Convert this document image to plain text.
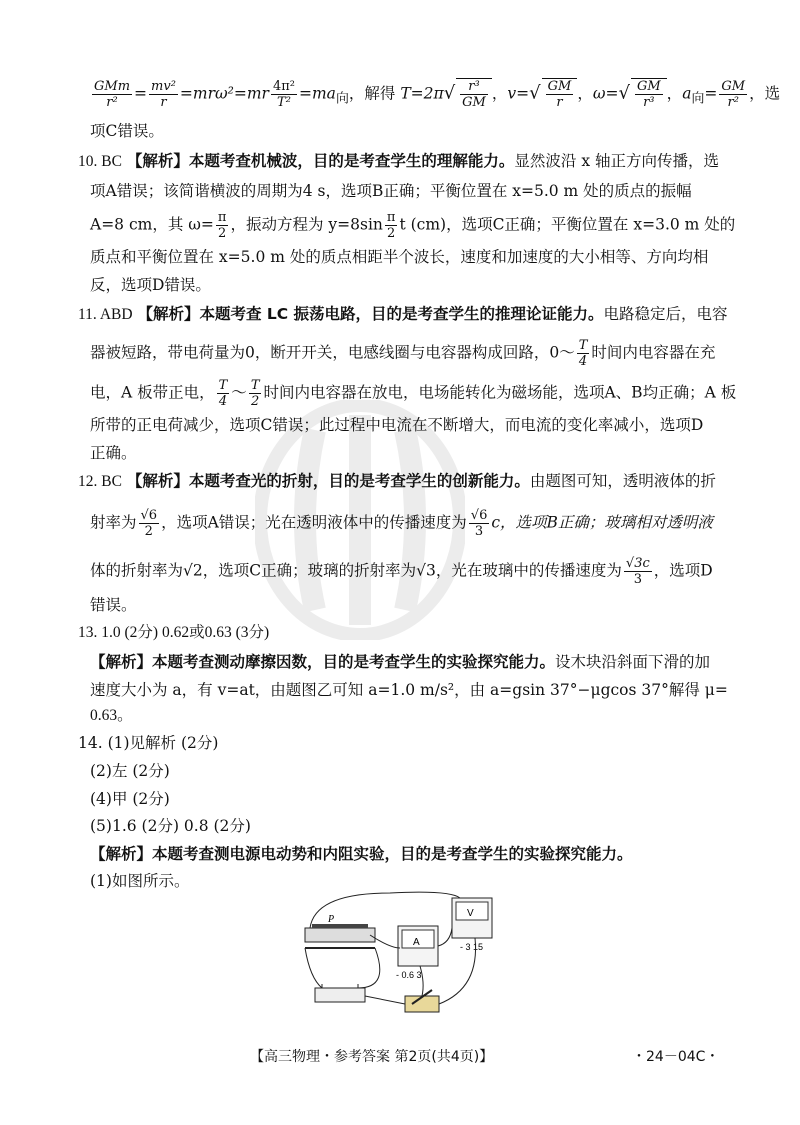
$\frac{\text{GMm}}{\text{r²}} = \frac{\text{mv²}}{r} =mr\omega^2=mr \frac{\text{4π²}}{\text{T²}} =ma_向$，解得 $T=2\pi√ \frac{\text{r³}}{GM}$ ，$v=√ \frac{GM}{r}$ ，$\omega=√ \frac{GM}{\text{r³}}$ ，$a_向= \frac{GM}{\text{r²}}$ ，选
项C错误。
10. BC 【解析】本题考查机械波，目的是考查学生的理解能力。显然波沿 x 轴正方向传播，选
项A错误；该简谐横波的周期为4 s，选项B正确；平衡位置在 x=5.0 m 处的质点的振幅
A=8 cm，其 $\omega= \frac{\pi}{2}$ ，振动方程为 $y=8\sin \frac{\pi}{2}$ t (cm)，选项C正确；平衡位置在 x=3.0 m 处的
质点和平衡位置在 x=5.0 m 处的质点相距半个波长，速度和加速度的大小相等、方向均相
反，选项D错误。
11. ABD 【解析】本题考查 LC 振荡电路，目的是考查学生的推理论证能力。电路稳定后，电容
器被短路，带电荷量为0，断开开关，电感线圈与电容器构成回路，0～ $\frac{T}{4}$ 时间内电容器在充
电，A 板带正电， $\frac{T}{4}$ ～ $\frac{T}{2}$ 时间内电容器在放电，电场能转化为磁场能，选项A、B均正确；A 板
所带的正电荷减少，选项C错误；此过程中电流在不断增大，而电流的变化率减小，选项D
正确。
12. BC 【解析】本题考查光的折射，目的是考查学生的创新能力。由题图可知，透明液体的折
射率为 $\frac{√6}{2}$ ，选项A错误；光在透明液体中的传播速度为 $\frac{√6}{3}$ c，选项B正确；玻璃相对透明液
体的折射率为√2，选项C正确；玻璃的折射率为√3，光在玻璃中的传播速度为 $\frac{√3c}{3}$ ，选项D
错误。
13. 1.0 (2分) 0.62或0.63 (3分)
【解析】本题考查测动摩擦因数，目的是考查学生的实验探究能力。设木块沿斜面下滑的加
速度大小为 a，有 v=at，由题图乙可知 a=1.0 m/s²，由 a=gsin 37°−μgcos 37°解得 μ=
0.63。
14. (1)见解析 (2分)
(2)左 (2分)
(4)甲 (2分)
(5)1.6 (2分) 0.8 (2分)
【解析】本题考查测电源电动势和内阻实验，目的是考查学生的实验探究能力。
(1)如图所示。
P
A
- 0.6 3
V
- 3 15
【高三物理・参考答案 第2页(共4页)】	・24－04C・
